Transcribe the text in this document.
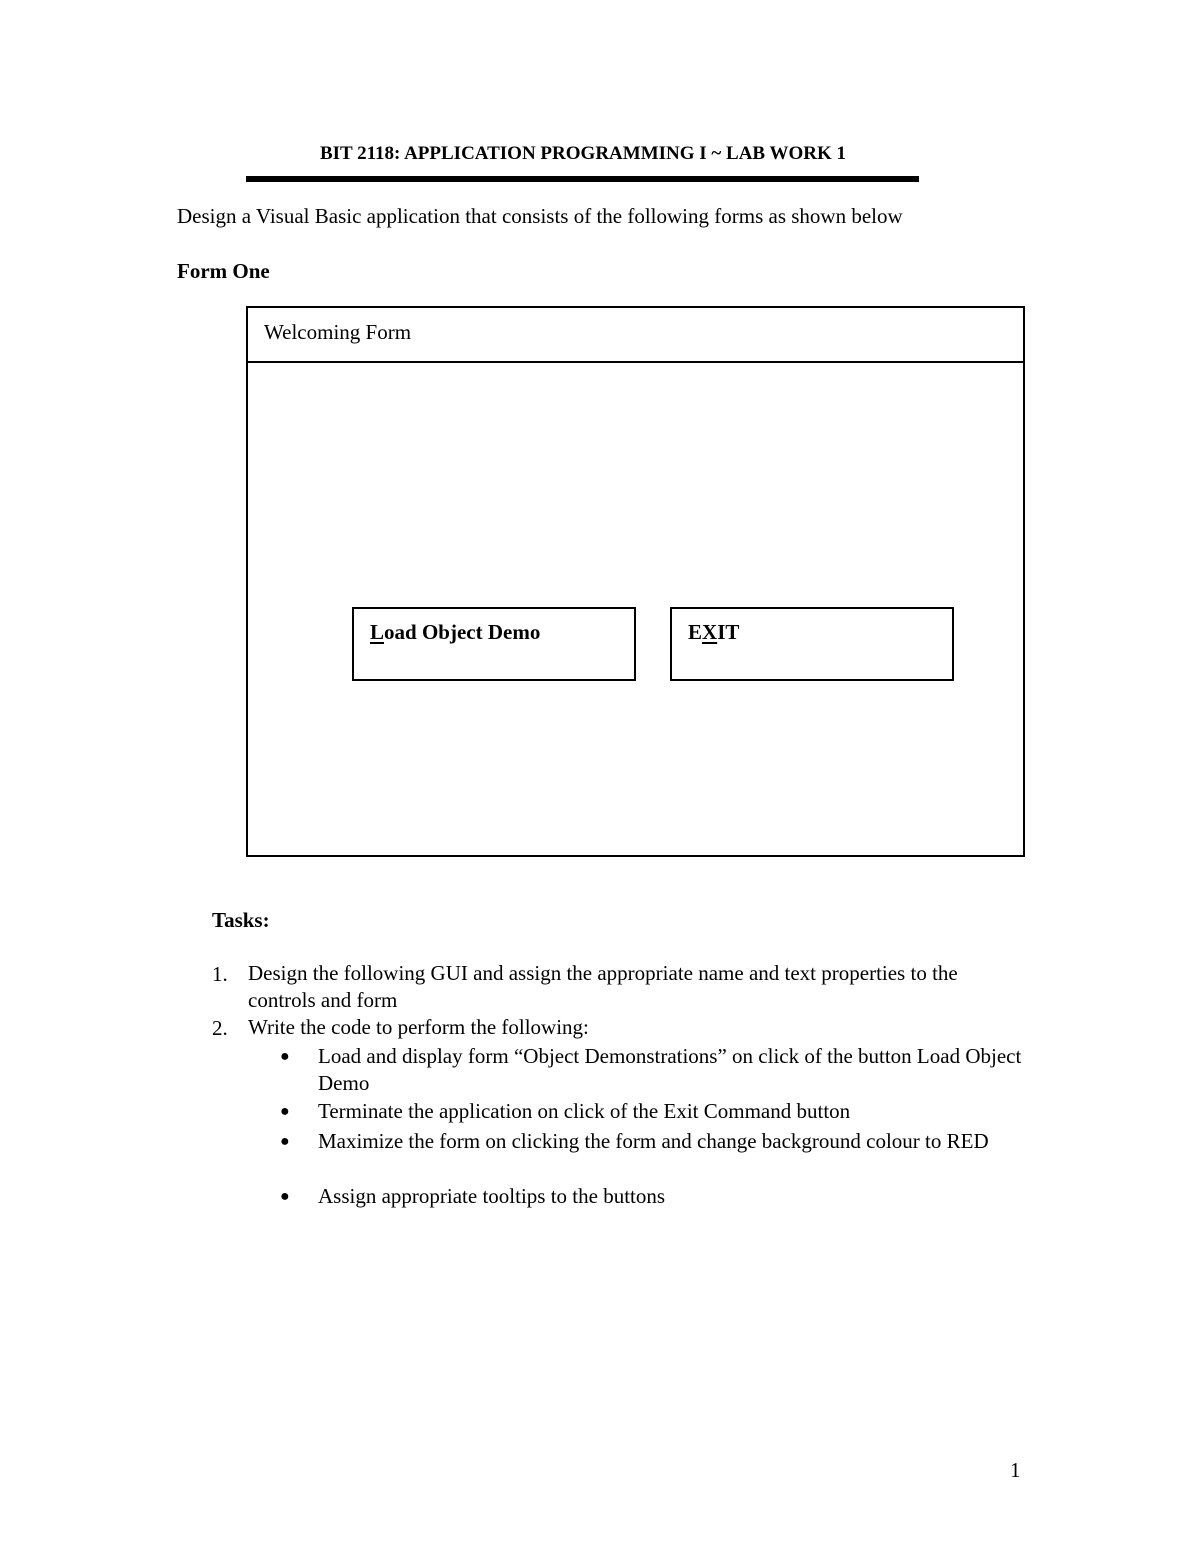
BIT 2118: APPLICATION PROGRAMMING I ~ LAB WORK 1
Design a Visual Basic application that consists of the following forms as shown below
Form One
Welcoming Form
Load Object Demo	EXIT
Tasks:
1. Design the following GUI and assign the appropriate name and text properties to the controls and form
2. Write the code to perform the following:
● Load and display form “Object Demonstrations” on click of the button Load Object Demo
● Terminate the application on click of the Exit Command button
● Maximize the form on clicking the form and change background colour to RED
● Assign appropriate tooltips to the buttons
1
